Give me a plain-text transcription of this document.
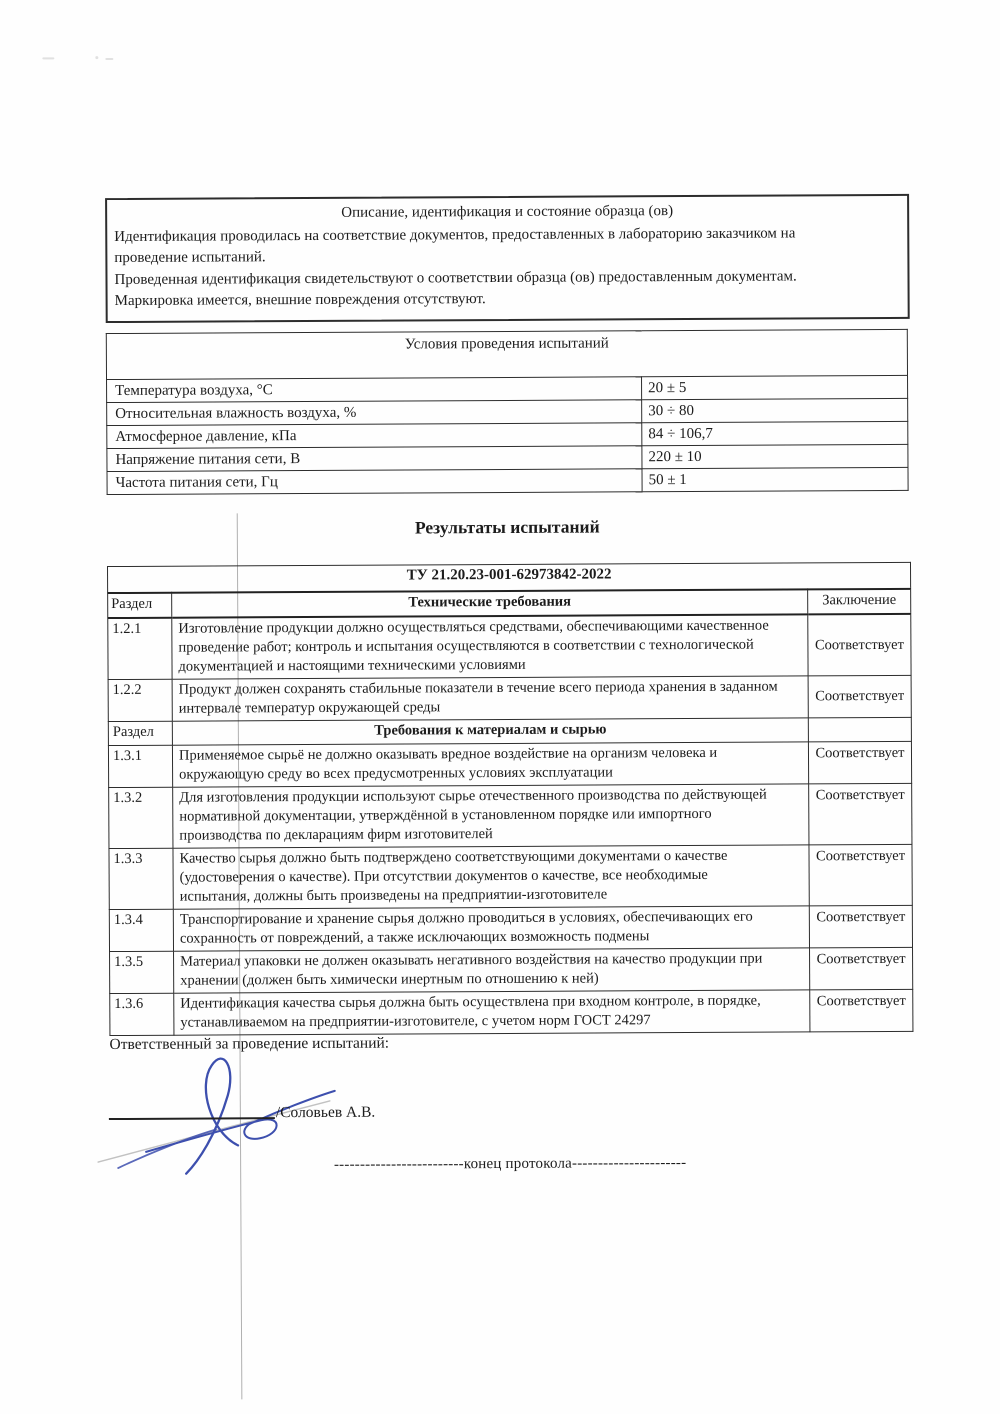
Описание, идентификация и состояние образца (ов)
Идентификация проводилась на соответствие документов, предоставленных в лабораторию заказчиком на
проведение испытаний.
Проведенная идентификация свидетельствуют о соответствии образца (ов) предоставленным документам.
Маркировка имеется, внешние повреждения отсутствуют.
Условия проведения испытаний	
Температура воздуха, °С	20 ± 5
Относительная влажность воздуха, %	30 ÷ 80
Атмосферное давление, кПа	84 ÷ 106,7
Напряжение питания сети, В	220 ± 10
Частота питания сети, Гц	50 ± 1
Результаты испытаний
ТУ 21.20.23-001-62973842-2022		
Раздел	Технические требования	Заключение
1.2.1	Изготовление продукции должно осуществляться средствами, обеспечивающими качественное проведение работ; контроль и испытания осуществляются в соответствии с технологической документацией и настоящими техническими условиями	Соответствует
1.2.2	Продукт должен сохранять стабильные показатели в течение всего периода хранения в заданном интервале температур окружающей среды	Соответствует
Раздел	Требования к материалам и сырью	
1.3.1	Применяемое сырьё не должно оказывать вредное воздействие на организм человека и окружающую среду во всех предусмотренных условиях эксплуатации	Соответствует
1.3.2	Для изготовления продукции используют сырье отечественного производства по действующей нормативной документации, утверждённой в установленном порядке или импортного производства по декларациям фирм изготовителей	Соответствует
1.3.3	Качество сырья должно быть подтверждено соответствующими документами о качестве (удостоверения о качестве). При отсутствии документов о качестве, все необходимые испытания, должны быть произведены на предприятии-изготовителе	Соответствует
1.3.4	Транспортирование и хранение сырья должно проводиться в условиях, обеспечивающих его сохранность от повреждений, а также исключающих возможность подмены	Соответствует
1.3.5	Материал упаковки не должен оказывать негативного воздействия на качество продукции при хранении (должен быть химически инертным по отношению к ней)	Соответствует
1.3.6	Идентификация качества сырья должна быть осуществлена при входном контроле, в порядке, устанавливаемом на предприятии-изготовителе, с учетом норм ГОСТ 24297	Соответствует
Ответственный за проведение испытаний:
/Соловьев А.В.
-------------------------конец протокола----------------------
